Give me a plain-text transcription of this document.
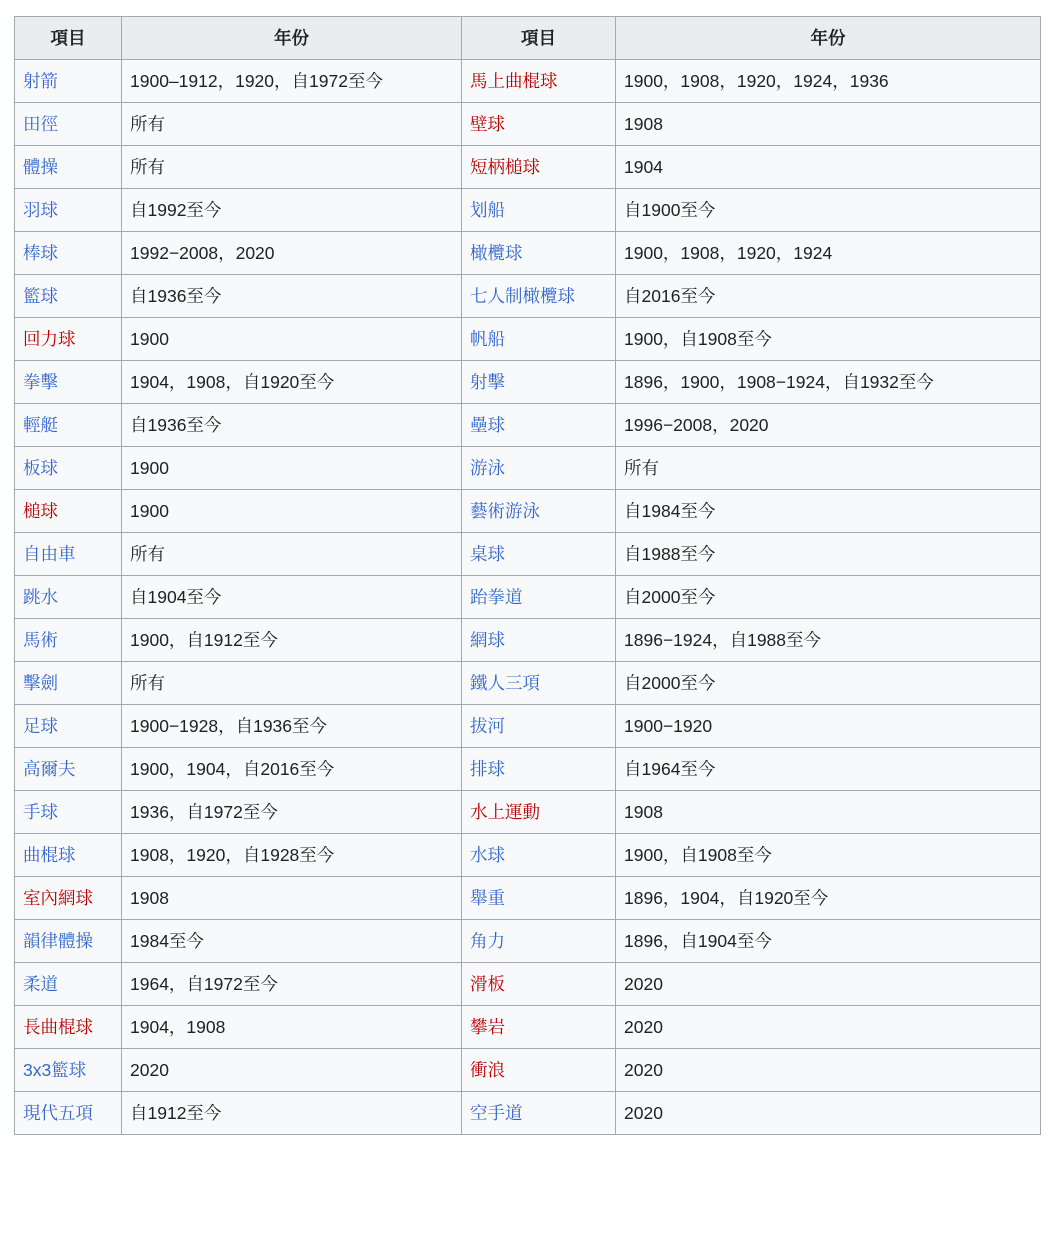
項目	年份	項目	年份
射箭	1900–1912，1920，自1972至今	馬上曲棍球	1900，1908，1920，1924，1936
田徑	所有	壁球	1908
體操	所有	短柄槌球	1904
羽球	自1992至今	划船	自1900至今
棒球	1992−2008，2020	橄欖球	1900，1908，1920，1924
籃球	自1936至今	七人制橄欖球	自2016至今
回力球	1900	帆船	1900，自1908至今
拳擊	1904，1908，自1920至今	射擊	1896，1900，1908−1924，自1932至今
輕艇	自1936至今	壘球	1996−2008，2020
板球	1900	游泳	所有
槌球	1900	藝術游泳	自1984至今
自由車	所有	桌球	自1988至今
跳水	自1904至今	跆拳道	自2000至今
馬術	1900，自1912至今	網球	1896−1924，自1988至今
擊劍	所有	鐵人三項	自2000至今
足球	1900−1928，自1936至今	拔河	1900−1920
高爾夫	1900，1904，自2016至今	排球	自1964至今
手球	1936，自1972至今	水上運動	1908
曲棍球	1908，1920，自1928至今	水球	1900，自1908至今
室內網球	1908	舉重	1896，1904，自1920至今
韻律體操	1984至今	角力	1896，自1904至今
柔道	1964，自1972至今	滑板	2020
長曲棍球	1904，1908	攀岩	2020
3x3籃球	2020	衝浪	2020
現代五項	自1912至今	空手道	2020
